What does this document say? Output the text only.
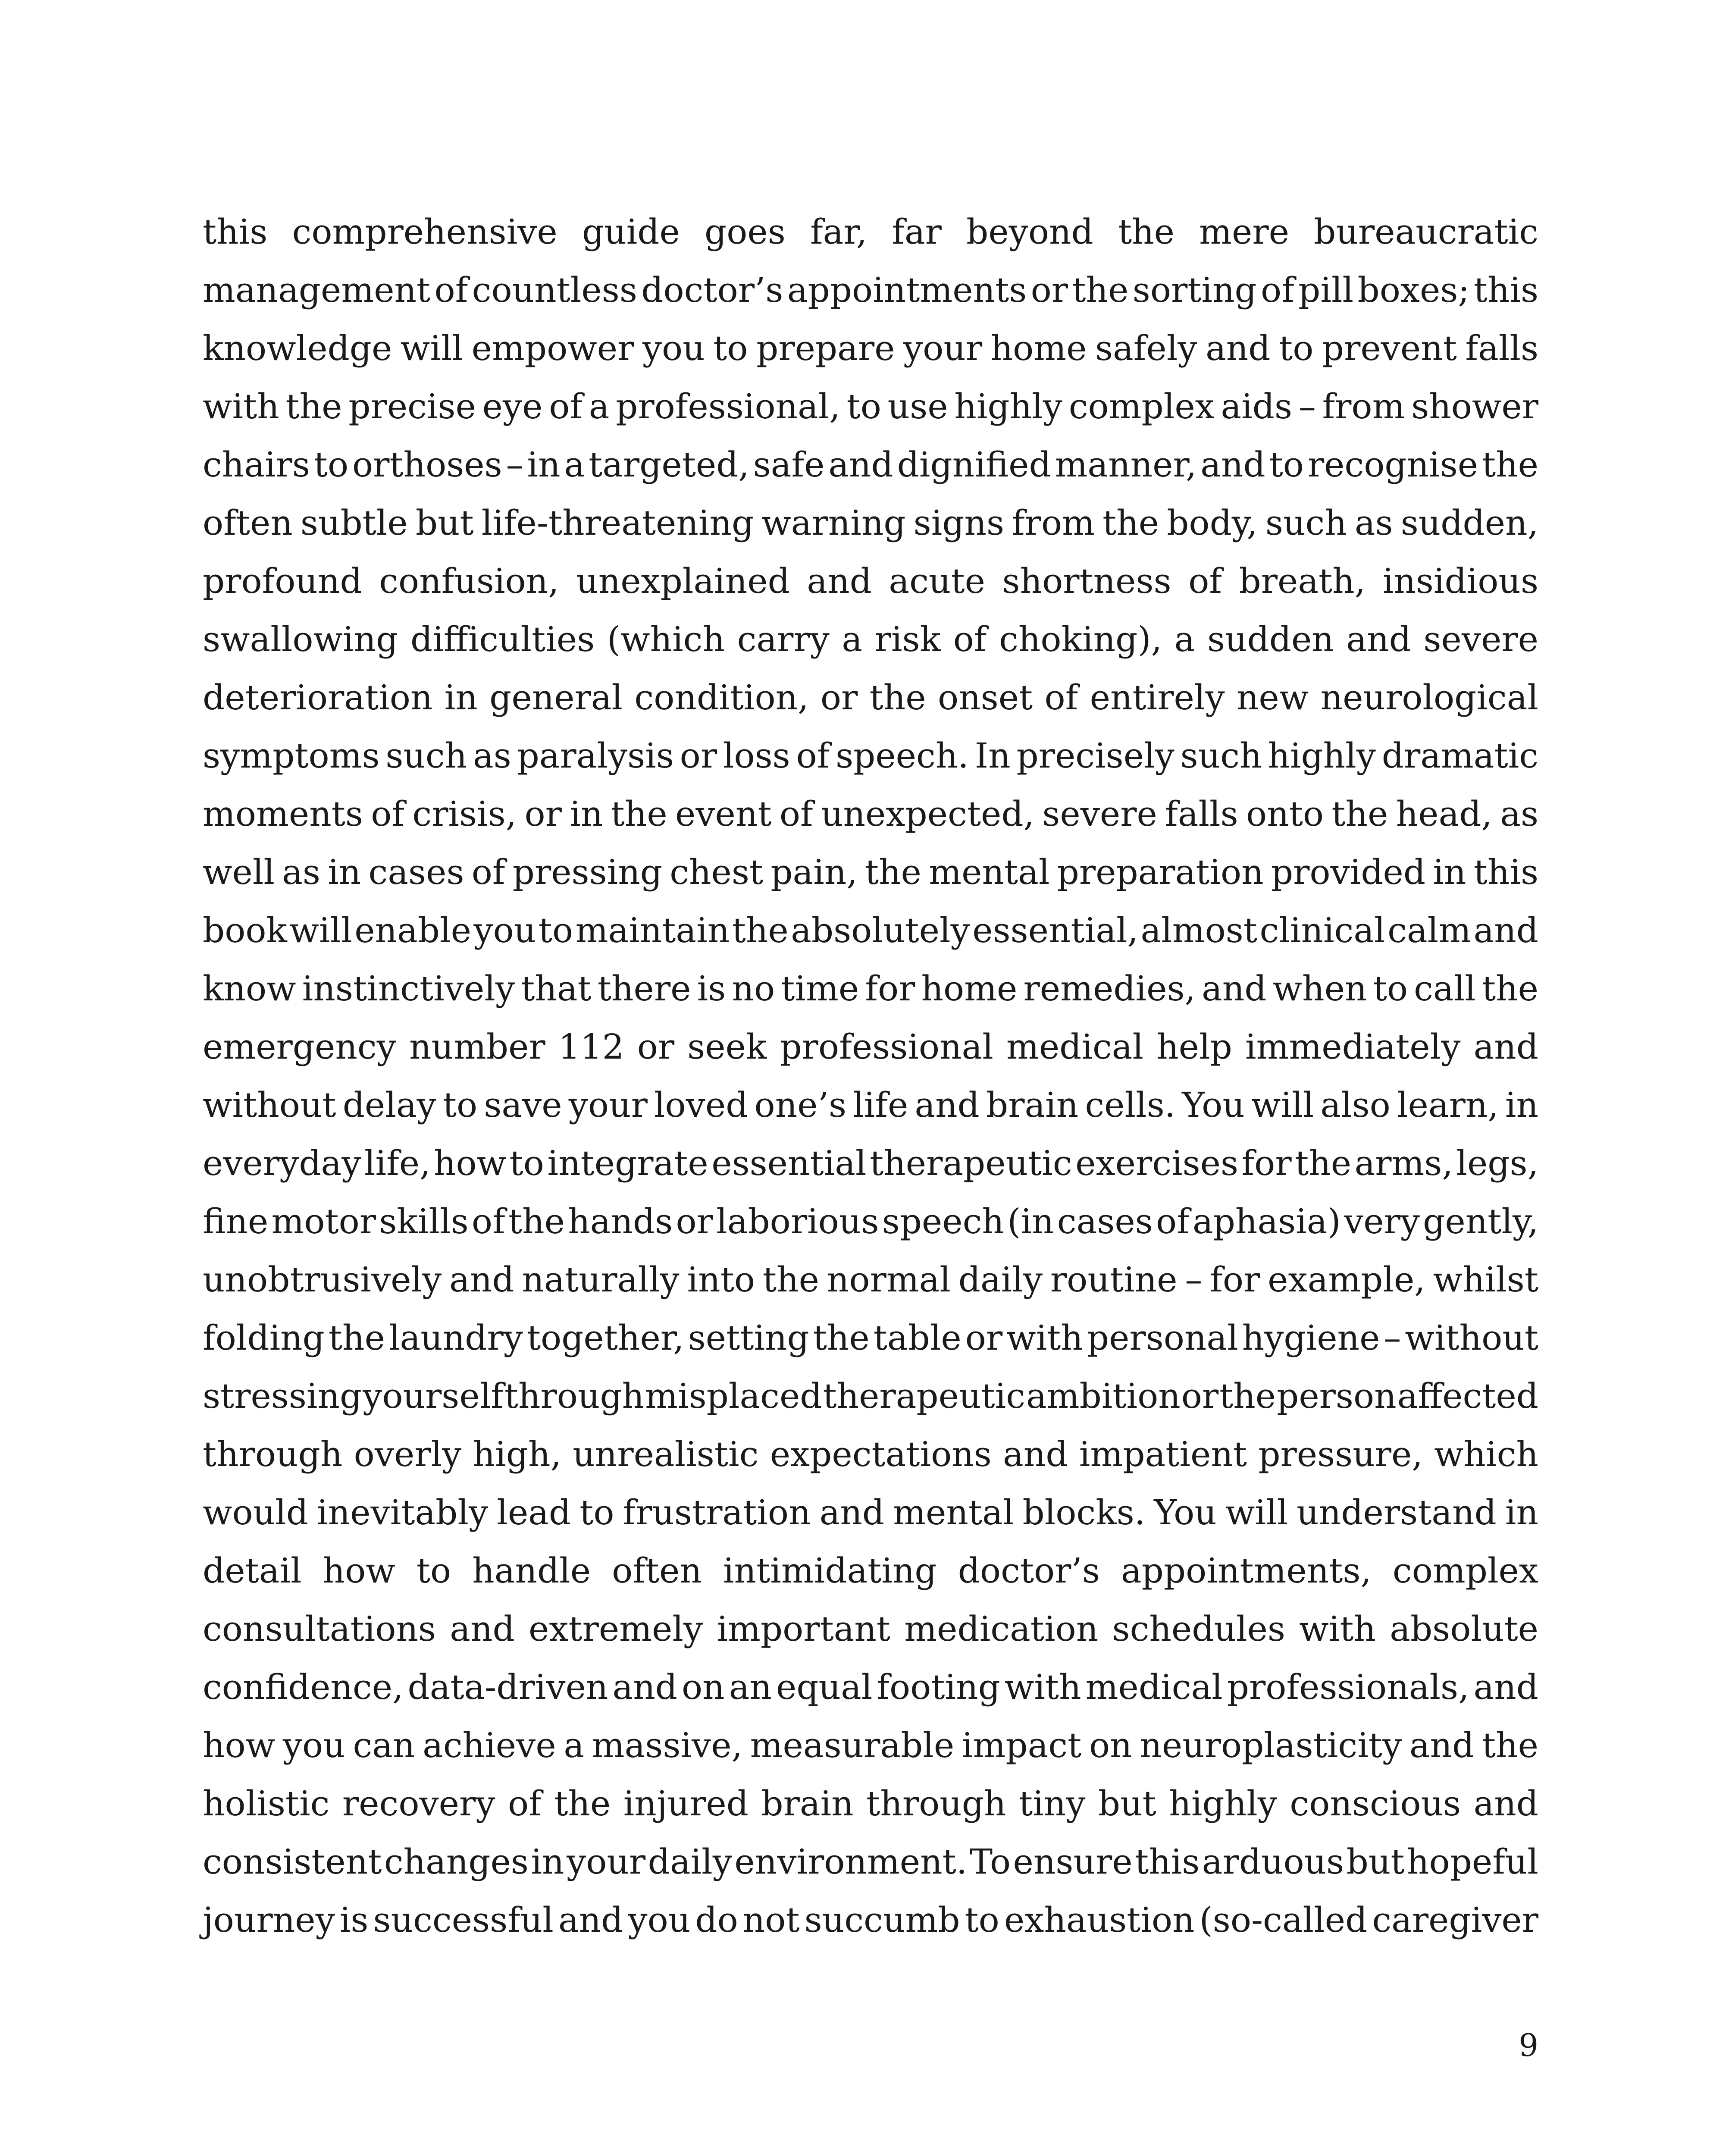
this comprehensive guide goes far, far beyond the mere bureaucratic
management of countless doctor’s appointments or the sorting of pill boxes; this
knowledge will empower you to prepare your home safely and to prevent falls
with the precise eye of a professional, to use highly complex aids – from shower
chairs to orthoses – in a targeted, safe and dignified manner, and to recognise the
often subtle but life-threatening warning signs from the body, such as sudden,
profound confusion, unexplained and acute shortness of breath, insidious
swallowing difficulties (which carry a risk of choking), a sudden and severe
deterioration in general condition, or the onset of entirely new neurological
symptoms such as paralysis or loss of speech. In precisely such highly dramatic
moments of crisis, or in the event of unexpected, severe falls onto the head, as
well as in cases of pressing chest pain, the mental preparation provided in this
book will enable you to maintain the absolutely essential, almost clinical calm and
know instinctively that there is no time for home remedies, and when to call the
emergency number 112 or seek professional medical help immediately and
without delay to save your loved one’s life and brain cells. You will also learn, in
everyday life, how to integrate essential therapeutic exercises for the arms, legs,
fine motor skills of the hands or laborious speech (in cases of aphasia) very gently,
unobtrusively and naturally into the normal daily routine – for example, whilst
folding the laundry together, setting the table or with personal hygiene – without
stressing yourself through misplaced therapeutic ambition or the person affected
through overly high, unrealistic expectations and impatient pressure, which
would inevitably lead to frustration and mental blocks. You will understand in
detail how to handle often intimidating doctor’s appointments, complex
consultations and extremely important medication schedules with absolute
confidence, data-driven and on an equal footing with medical professionals, and
how you can achieve a massive, measurable impact on neuroplasticity and the
holistic recovery of the injured brain through tiny but highly conscious and
consistent changes in your daily environment. To ensure this arduous but hopeful
journey is successful and you do not succumb to exhaustion (so-called caregiver
9
